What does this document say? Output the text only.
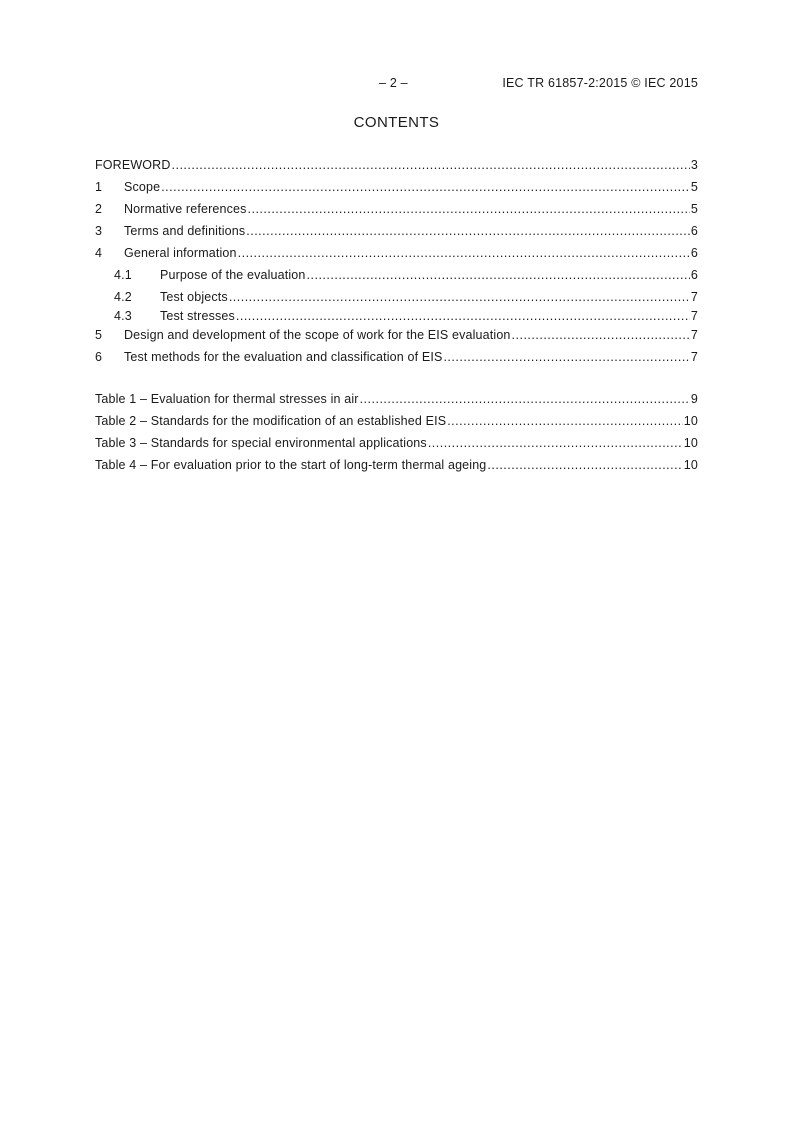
– 2 –	IEC TR 61857-2:2015 © IEC 2015
CONTENTS
FOREWORD .....	3
1	Scope .....	5
2	Normative references .....	5
3	Terms and definitions .....	6
4	General information .....	6
4.1	Purpose of the evaluation .....	6
4.2	Test objects .....	7
4.3	Test stresses .....	7
5	Design and development of the scope of work for the EIS evaluation .....	7
6	Test methods for the evaluation and classification of EIS .....	7
Table 1 – Evaluation for thermal stresses in air .....	9
Table 2 – Standards for the modification of an established EIS .....	10
Table 3 – Standards for special environmental applications .....	10
Table 4 – For evaluation prior to the start of long-term thermal ageing .....	10
